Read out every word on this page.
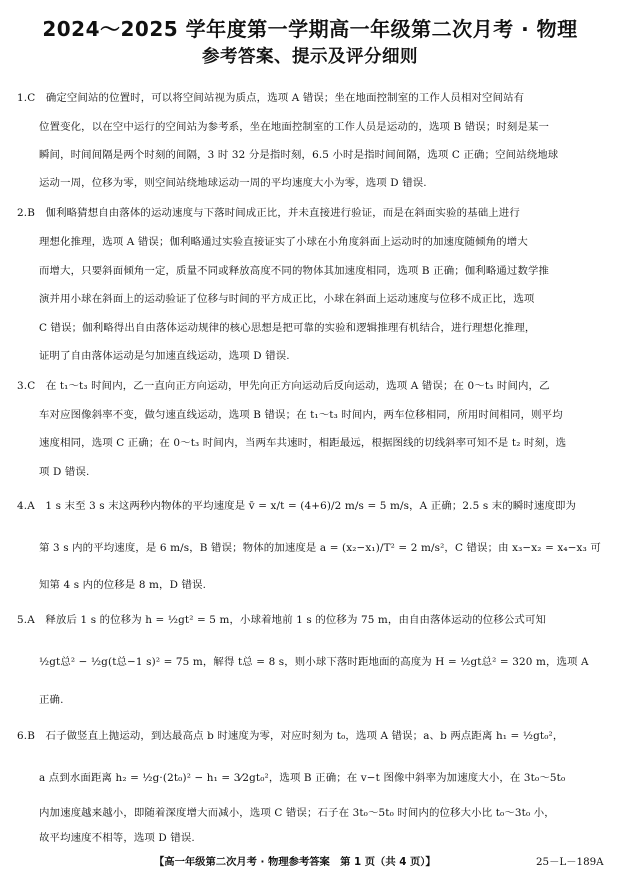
2024～2025 学年度第一学期高一年级第二次月考 · 物理
参考答案、提示及评分细则
1.C　确定空间站的位置时，可以将空间站视为质点，选项 A 错误；坐在地面控制室的工作人员相对空间站有
位置变化，以在空中运行的空间站为参考系，坐在地面控制室的工作人员是运动的，选项 B 错误；时刻是某一
瞬间，时间间隔是两个时刻的间隔，3 时 32 分是指时刻，6.5 小时是指时间间隔，选项 C 正确；空间站绕地球
运动一周，位移为零，则空间站绕地球运动一周的平均速度大小为零，选项 D 错误.
2.B　伽利略猜想自由落体的运动速度与下落时间成正比，并未直接进行验证，而是在斜面实验的基础上进行
理想化推理，选项 A 错误；伽利略通过实验直接证实了小球在小角度斜面上运动时的加速度随倾角的增大
而增大，只要斜面倾角一定，质量不同或释放高度不同的物体其加速度相同，选项 B 正确；伽利略通过数学推
演并用小球在斜面上的运动验证了位移与时间的平方成正比，小球在斜面上运动速度与位移不成正比，选项
C 错误；伽利略得出自由落体运动规律的核心思想是把可靠的实验和逻辑推理有机结合，进行理想化推理，
证明了自由落体运动是匀加速直线运动，选项 D 错误.
3.C　在 t₁～t₃ 时间内，乙一直向正方向运动，甲先向正方向运动后反向运动，选项 A 错误；在 0～t₃ 时间内，乙
车对应图像斜率不变，做匀速直线运动，选项 B 错误；在 t₁～t₃ 时间内，两车位移相同，所用时间相同，则平均
速度相同，选项 C 正确；在 0～t₃ 时间内，当两车共速时，相距最远，根据图线的切线斜率可知不是 t₂ 时刻，选
项 D 错误.
4.A　1 s 末至 3 s 末这两秒内物体的平均速度是 v̄ = x/t = (4+6)/2 m/s = 5 m/s，A 正确；2.5 s 末的瞬时速度即为
第 3 s 内的平均速度，是 6 m/s，B 错误；物体的加速度是 a = (x₂−x₁)/T² = 2 m/s²，C 错误；由 x₃−x₂ = x₄−x₃ 可
知第 4 s 内的位移是 8 m，D 错误.
5.A　释放后 1 s 的位移为 h = ½gt² = 5 m，小球着地前 1 s 的位移为 75 m，由自由落体运动的位移公式可知
½gt总² − ½g(t总−1 s)² = 75 m，解得 t总 = 8 s，则小球下落时距地面的高度为 H = ½gt总² = 320 m，选项 A
正确.
6.B　石子做竖直上抛运动，到达最高点 b 时速度为零，对应时刻为 t₀，选项 A 错误；a、b 两点距离 h₁ = ½gt₀²，
a 点到水面距离 h₂ = ½g·(2t₀)² − h₁ = 3⁄2gt₀²，选项 B 正确；在 v−t 图像中斜率为加速度大小，在 3t₀～5t₀
内加速度越来越小，即随着深度增大而减小，选项 C 错误；石子在 3t₀～5t₀ 时间内的位移大小比 t₀～3t₀ 小，
故平均速度不相等，选项 D 错误.
【高一年级第二次月考 · 物理参考答案　第 1 页（共 4 页）】	25－L－189A
